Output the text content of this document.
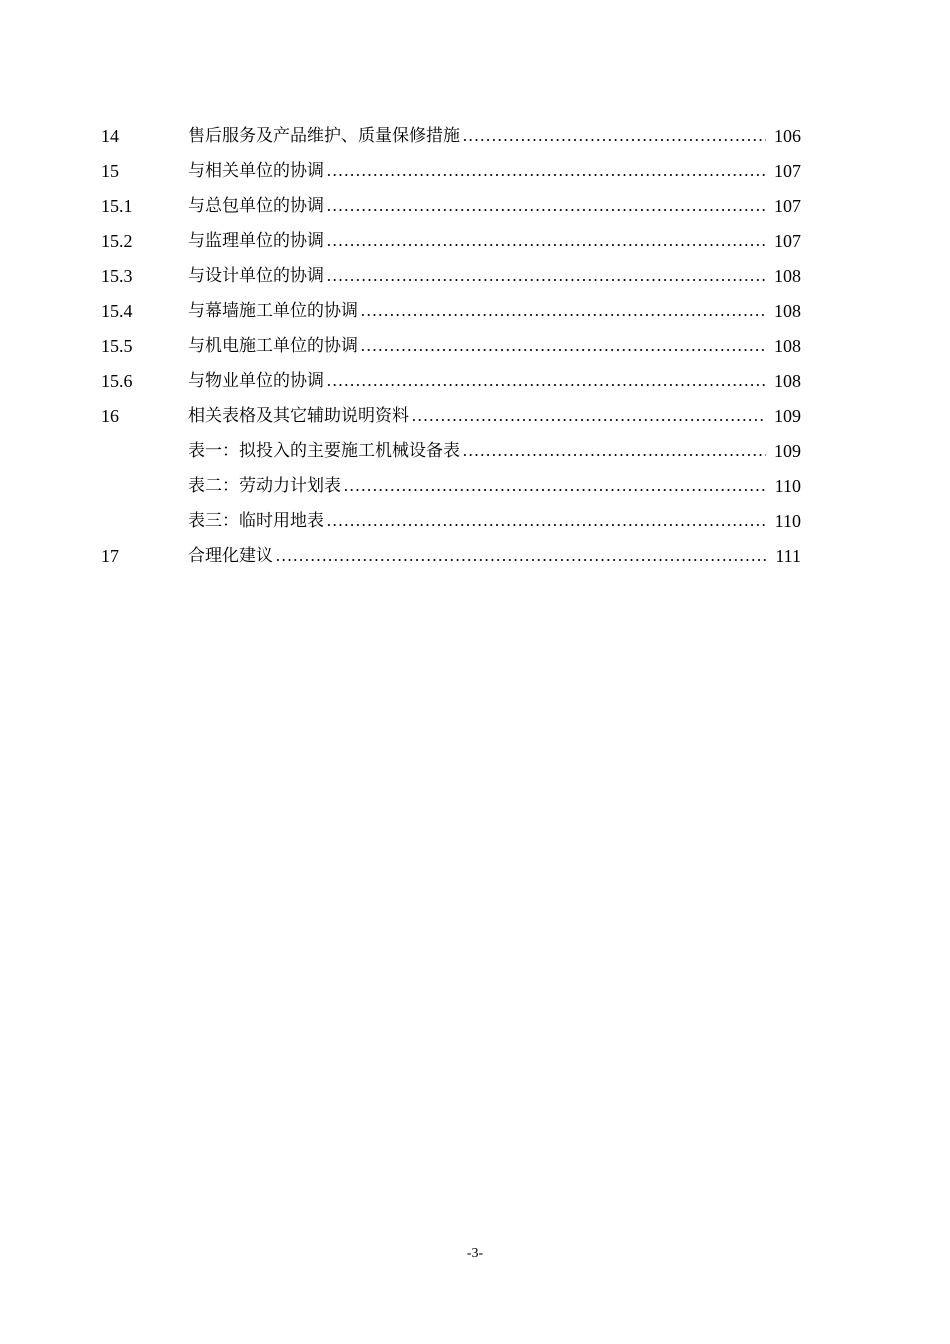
14	售后服务及产品维护、质量保修措施	106
15	与相关单位的协调	107
15.1	与总包单位的协调	107
15.2	与监理单位的协调	107
15.3	与设计单位的协调	108
15.4	与幕墙施工单位的协调	108
15.5	与机电施工单位的协调	108
15.6	与物业单位的协调	108
16	相关表格及其它辅助说明资料	109
表一：拟投入的主要施工机械设备表	109
表二：劳动力计划表	110
表三：临时用地表	110
17	合理化建议	111
-3-
